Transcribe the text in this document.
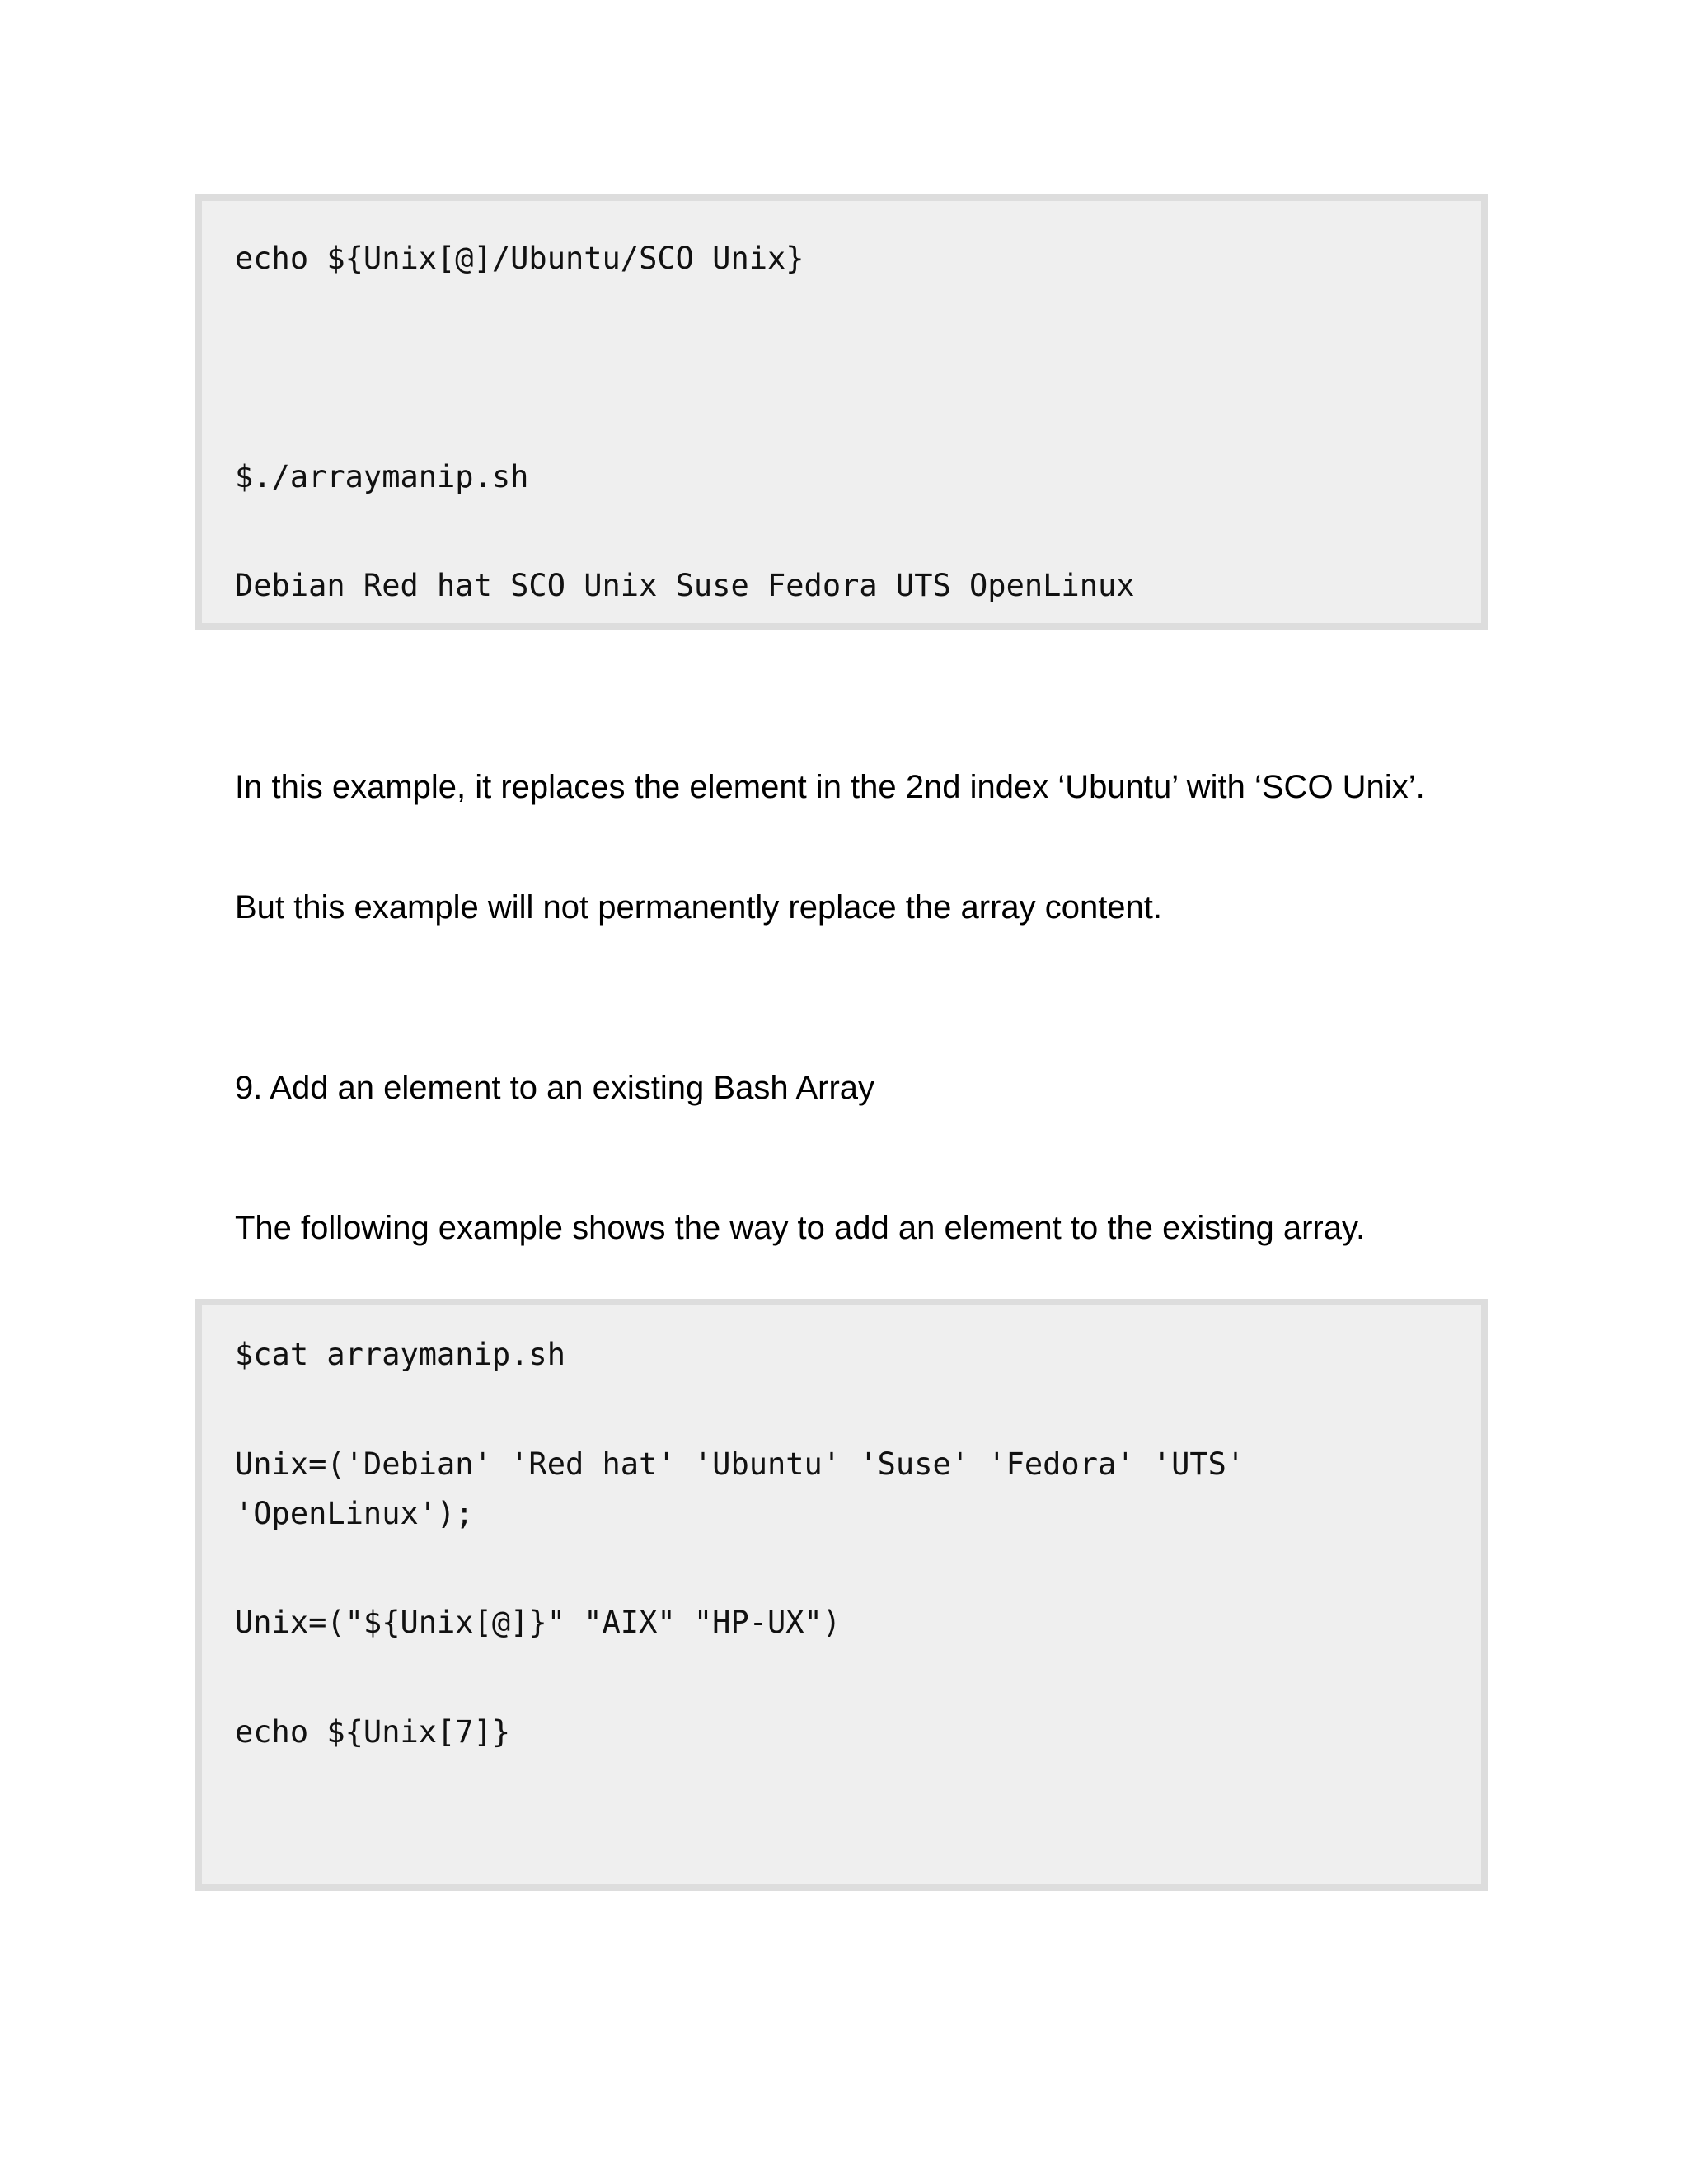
echo ${Unix[@]/Ubuntu/SCO Unix}
$./arraymanip.sh
Debian Red hat SCO Unix Suse Fedora UTS OpenLinux
In this example, it replaces the element in the 2nd index ‘Ubuntu’ with ‘SCO Unix’.
But this example will not permanently replace the array content.
9. Add an element to an existing Bash Array
The following example shows the way to add an element to the existing array.
$cat arraymanip.sh
Unix=('Debian' 'Red hat' 'Ubuntu' 'Suse' 'Fedora' 'UTS'
'OpenLinux');
Unix=("${Unix[@]}" "AIX" "HP-UX")
echo ${Unix[7]}
